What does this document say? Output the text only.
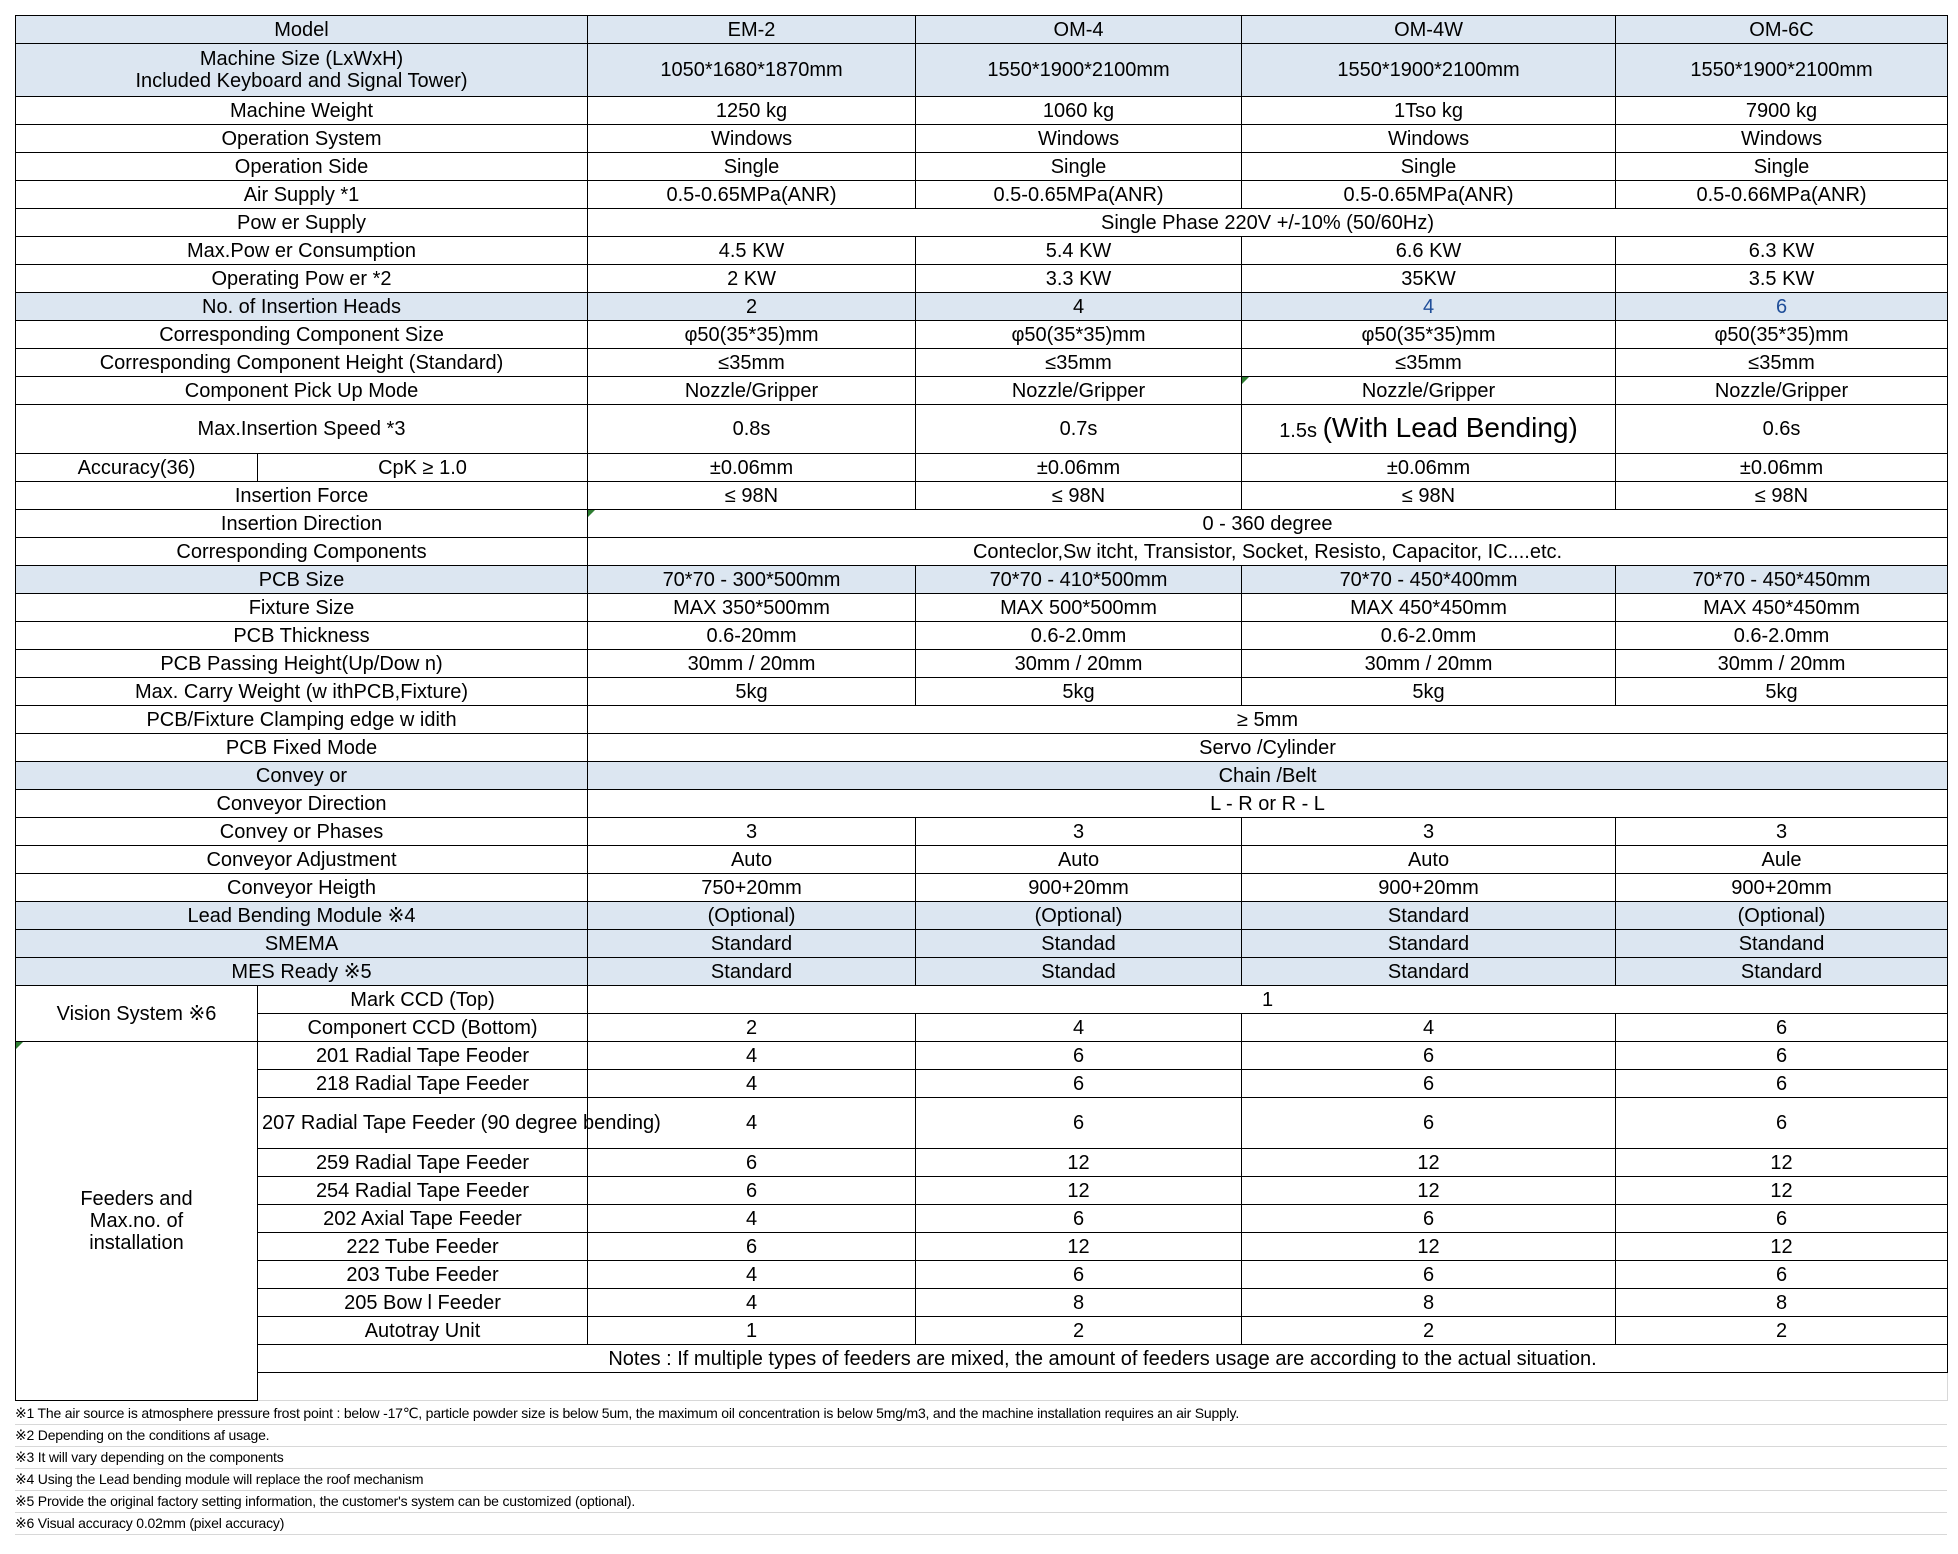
Model		EM-2	OM-4	OM-4W	OM-6C

Machine Size (LxWxH)
Included Keyboard and Signal Tower)		1050*1680*1870mm	1550*1900*2100mm	1550*1900*2100mm	1550*1900*2100mm
Machine Weight		1250 kg	1060 kg	1Tso kg	7900 kg
Operation System		Windows	Windows	Windows	Windows
Operation Side		Single	Single	Single	Single
Air Supply *1		0.5-0.65MPa(ANR)	0.5-0.65MPa(ANR)	0.5-0.65MPa(ANR)	0.5-0.66MPa(ANR)
Pow er Supply		Single Phase 220V +/-10% (50/60Hz)			
Max.Pow er Consumption		4.5 KW	5.4 KW	6.6 KW	6.3 KW
Operating Pow er *2		2 KW	3.3 KW	35KW	3.5 KW
No. of Insertion Heads		2	4	4	6
Corresponding Component Size		φ50(35*35)mm	φ50(35*35)mm	φ50(35*35)mm	φ50(35*35)mm
Corresponding Component Height (Standard)		≤35mm	≤35mm	≤35mm	≤35mm
Component Pick Up Mode		Nozzle/Gripper	Nozzle/Gripper	Nozzle/Gripper	Nozzle/Gripper
Max.Insertion Speed *3		0.8s	0.7s	1.5s (With Lead Bending)	0.6s
Accuracy(36)	CpK ≥ 1.0	±0.06mm	±0.06mm	±0.06mm	±0.06mm
Insertion Force		≤ 98N	≤ 98N	≤ 98N	≤ 98N
Insertion Direction		0 - 360 degree			
Corresponding Components		Conteclor,Sw itcht, Transistor, Socket, Resisto, Capacitor, IC....etc.			
PCB Size		70*70 - 300*500mm	70*70 - 410*500mm	70*70 - 450*400mm	70*70 - 450*450mm
Fixture Size		MAX 350*500mm	MAX 500*500mm	MAX 450*450mm	MAX 450*450mm
PCB Thickness		0.6-20mm	0.6-2.0mm	0.6-2.0mm	0.6-2.0mm
PCB Passing Height(Up/Dow n)		30mm / 20mm	30mm / 20mm	30mm / 20mm	30mm / 20mm
Max. Carry Weight (w ithPCB,Fixture)		5kg	5kg	5kg	5kg
PCB/Fixture Clamping edge w idith		≥ 5mm			
PCB Fixed Mode		Servo /Cylinder			
Convey or		Chain /Belt			
Conveyor Direction		L - R or R - L			
Convey or Phases		3	3	3	3
Conveyor Adjustment		Auto	Auto	Auto	Aule
Conveyor Heigth		750+20mm	900+20mm	900+20mm	900+20mm
Lead Bending Module ※4		(Optional)	(Optional)	Standard	(Optional)
SMEMA		Standard	Standad	Standard	Standand
MES Ready ※5		Standard	Standad	Standard	Standard
Vision System ※6	Mark CCD (Top)	1			
	Componert CCD (Bottom)	2	4	4	6

Feeders and
Max.no. of
installation	201 Radial Tape Feoder	4	6	6	6
	218 Radial Tape Feeder	4	6	6	6
	207 Radial Tape Feeder (90 degree bending)	4	6	6	6
	259 Radial Tape Feeder	6	12	12	12
	254 Radial Tape Feeder	6	12	12	12
	202 Axial Tape Feeder	4	6	6	6
	222 Tube Feeder	6	12	12	12
	203 Tube Feeder	4	6	6	6
	205 Bow l Feeder	4	8	8	8
	Autotray Unit	1	2	2	2
	Notes : If multiple types of feeders are mixed, the amount of feeders usage are according to the actual situation.				

※1 The air source is atmosphere pressure frost point : below -17℃, particle powder size is below 5um, the maximum oil concentration is below 5mg/m3, and the machine installation requires an air Supply.
※2 Depending on the conditions af usage.
※3 It will vary depending on the components
※4 Using the Lead bending module will replace the roof mechanism
※5 Provide the original factory setting information, the customer's system can be customized (optional).
※6 Visual accuracy 0.02mm (pixel accuracy)
